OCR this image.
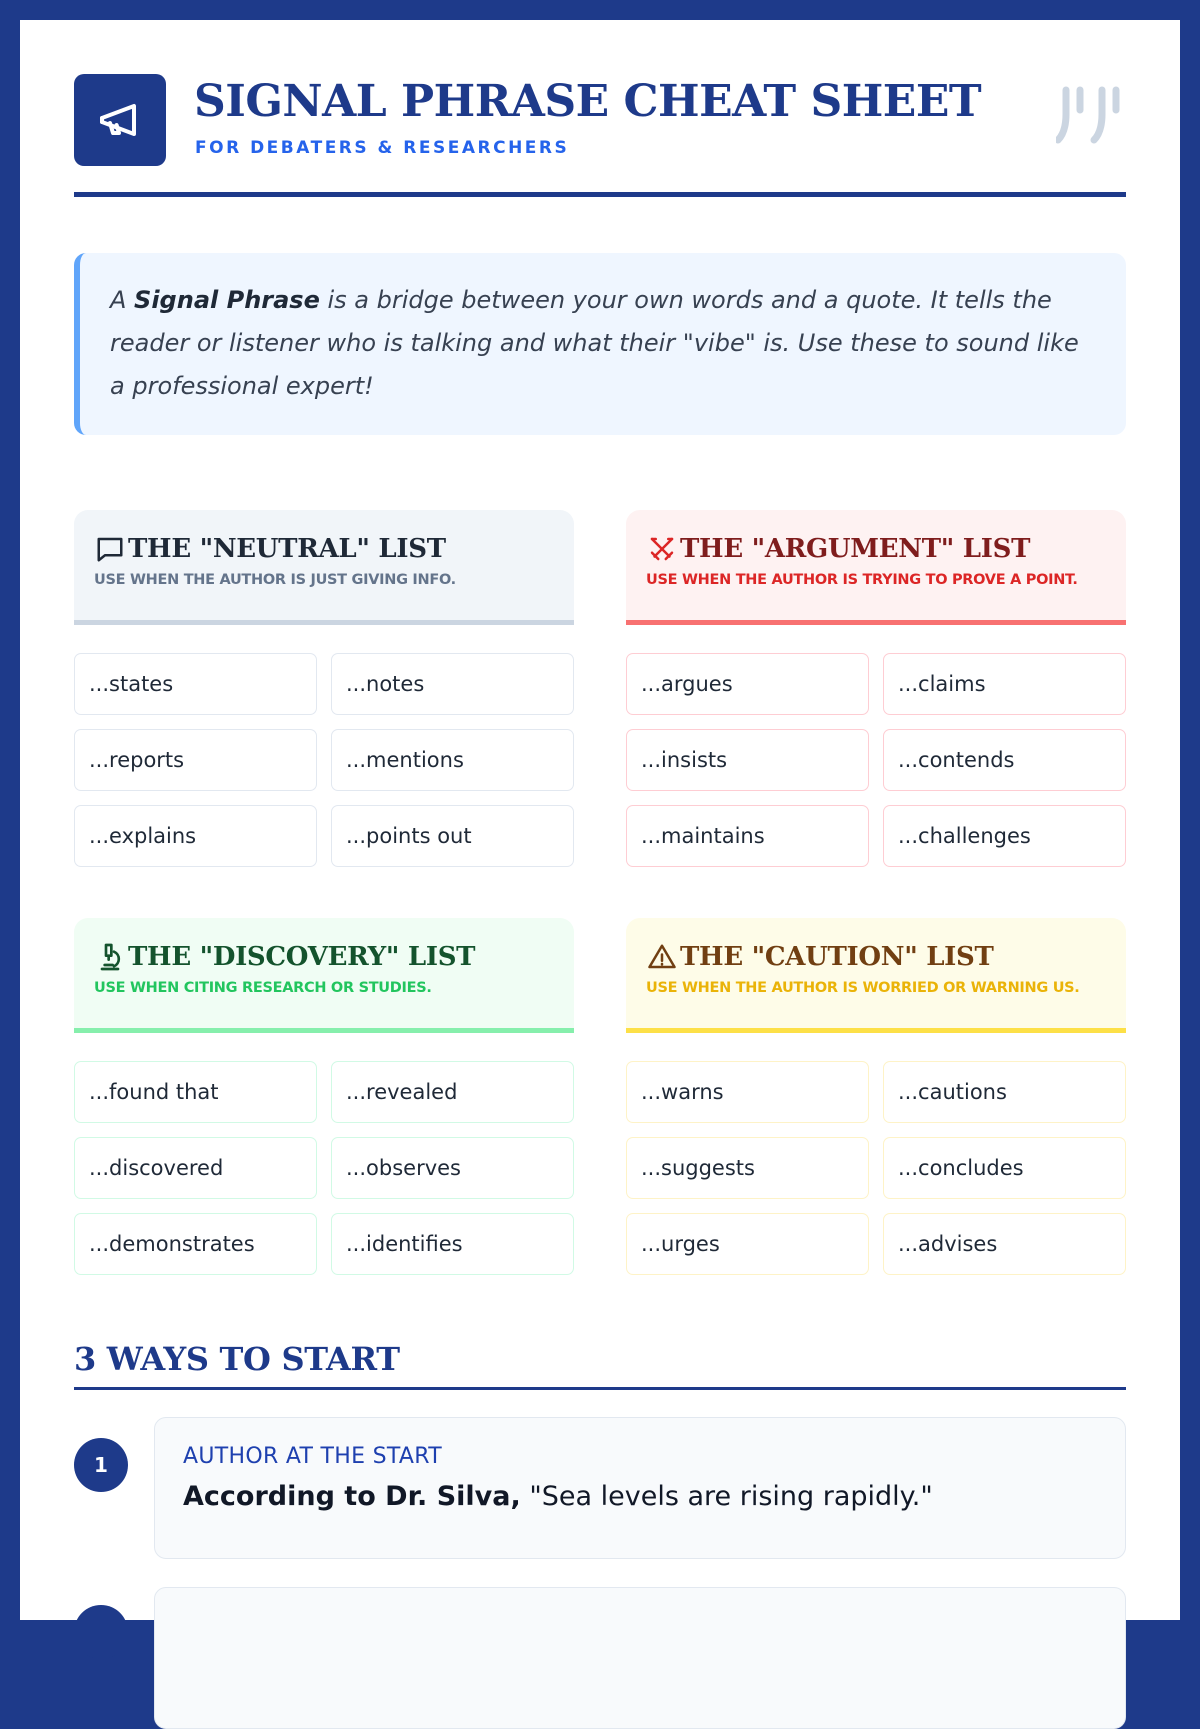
SIGNAL PHRASE CHEAT SHEET
FOR DEBATERS & RESEARCHERS
A Signal Phrase is a bridge between your own words and a quote. It tells the reader or listener who is talking and what their "vibe" is. Use these to sound like a professional expert!
THE "NEUTRAL" LIST
USE WHEN THE AUTHOR IS JUST GIVING INFO.
...states	...notes
...reports	...mentions
...explains	...points out
THE "ARGUMENT" LIST
USE WHEN THE AUTHOR IS TRYING TO PROVE A POINT.
...argues	...claims
...insists	...contends
...maintains	...challenges
THE "DISCOVERY" LIST
USE WHEN CITING RESEARCH OR STUDIES.
...found that	...revealed
...discovered	...observes
...demonstrates	...identifies
THE "CAUTION" LIST
USE WHEN THE AUTHOR IS WORRIED OR WARNING US.
...warns	...cautions
...suggests	...concludes
...urges	...advises
3 WAYS TO START
1	AUTHOR AT THE START
According to Dr. Silva, "Sea levels are rising rapidly."
